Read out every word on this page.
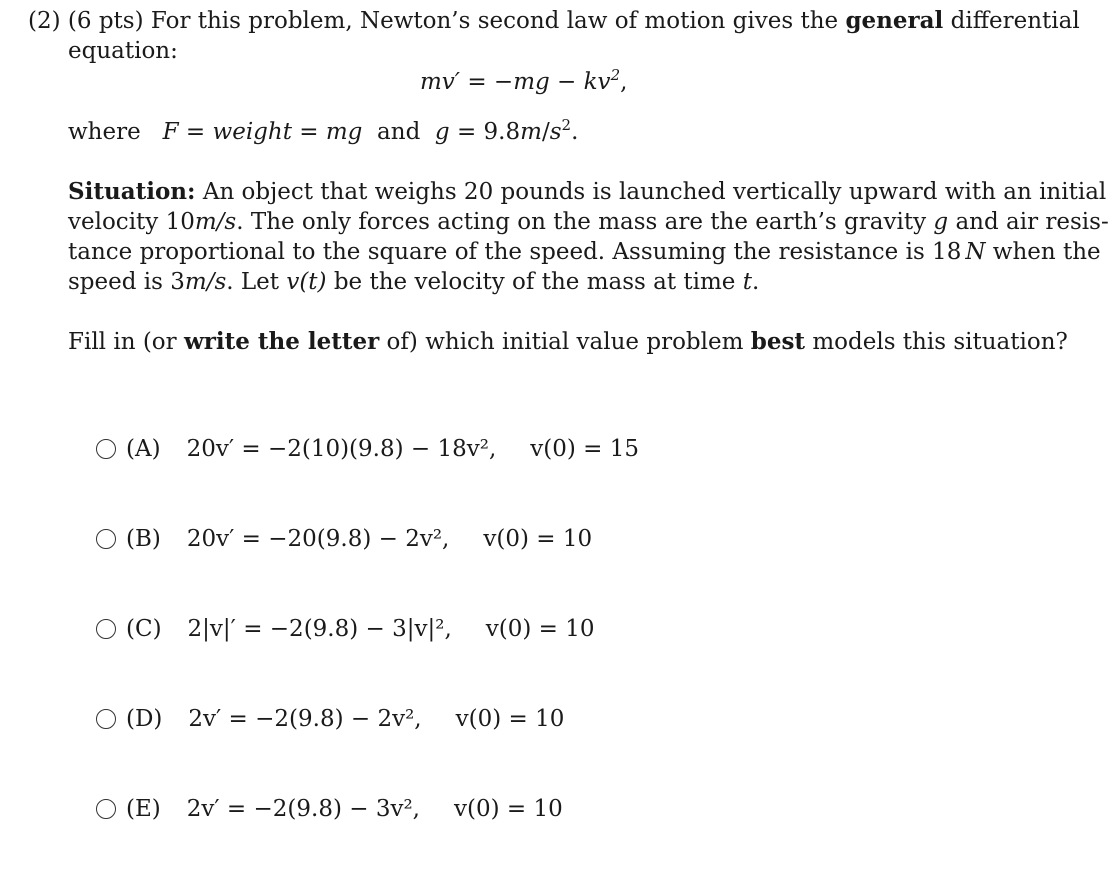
(2) (6 pts) For this problem, Newton’s second law of motion gives the general differential
equation:
$mv' = -mg - kv^2$,
where F = weight = mg  and  $g = 9.8m/s^2$.
Situation: An object that weighs 20 pounds is launched vertically upward with an initial
velocity 10m/s. The only forces acting on the mass are the earth’s gravity g and air resis-
tance proportional to the square of the speed. Assuming the resistance is 18 N when the
speed is 3m/s. Let v(t) be the velocity of the mass at time t.
Fill in (or write the letter of) which initial value problem best models this situation?
(A) 20v′ = −2(10)(9.8) − 18v², v(0) = 15
(B) 20v′ = −20(9.8) − 2v², v(0) = 10
(C) 2|v|′ = −2(9.8) − 3|v|², v(0) = 10
(D) 2v′ = −2(9.8) − 2v², v(0) = 10
(E) 2v′ = −2(9.8) − 3v², v(0) = 10
